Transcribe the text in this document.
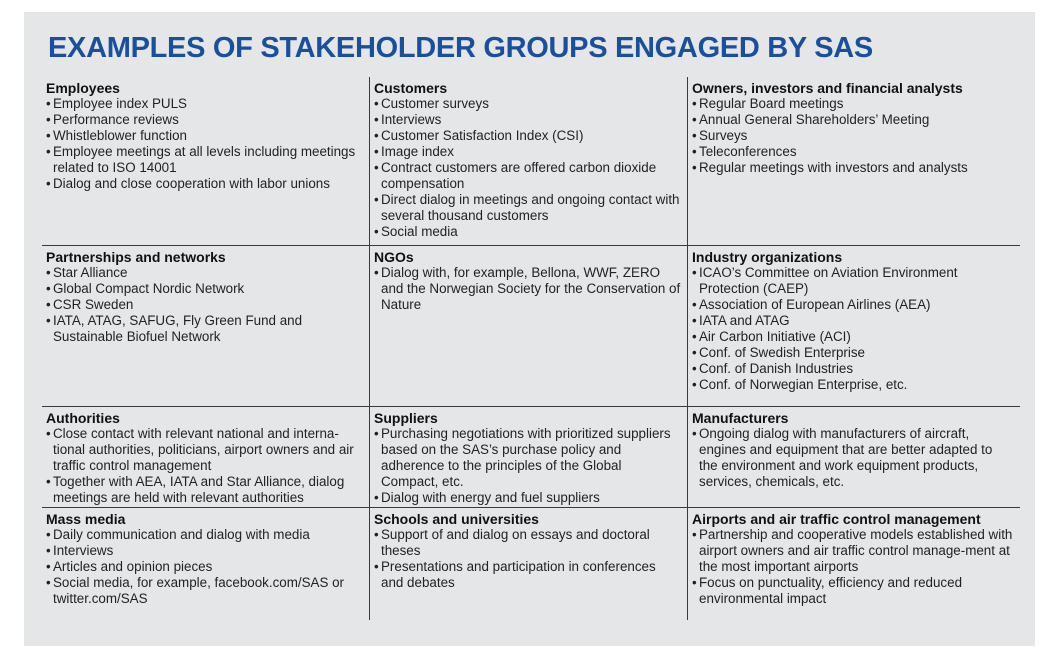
EXAMPLES OF STAKEHOLDER GROUPS ENGAGED BY SAS
Employees
• Employee index PULS
• Performance reviews
• Whistleblower function
• Employee meetings at all levels including meetings related to ISO 14001
• Dialog and close cooperation with labor unions
Customers
• Customer surveys
• Interviews
• Customer Satisfaction Index (CSI)
• Image index
• Contract customers are offered carbon dioxide compensation
• Direct dialog in meetings and ongoing contact with several thousand customers
• Social media
Owners, investors and financial analysts
• Regular Board meetings
• Annual General Shareholders’ Meeting
• Surveys
• Teleconferences
• Regular meetings with investors and analysts
Partnerships and networks
• Star Alliance
• Global Compact Nordic Network
• CSR Sweden
• IATA, ATAG, SAFUG, Fly Green Fund and Sustainable Biofuel Network
NGOs
• Dialog with, for example, Bellona, WWF, ZERO and the Norwegian Society for the Conservation of Nature
Industry organizations
• ICAO’s Committee on Aviation Environment Protection (CAEP)
• Association of European Airlines (AEA)
• IATA and ATAG
• Air Carbon Initiative (ACI)
• Conf. of Swedish Enterprise
• Conf. of Danish Industries
• Conf. of Norwegian Enterprise, etc.
Authorities
• Close contact with relevant national and interna-tional authorities, politicians, airport owners and air traffic control management
• Together with AEA, IATA and Star Alliance, dialog meetings are held with relevant authorities
Suppliers
• Purchasing negotiations with prioritized suppliers based on the SAS’s purchase policy and adherence to the principles of the Global Compact, etc.
• Dialog with energy and fuel suppliers
Manufacturers
• Ongoing dialog with manufacturers of aircraft, engines and equipment that are better adapted to the environment and work equipment products, services, chemicals, etc.
Mass media
• Daily communication and dialog with media
• Interviews
• Articles and opinion pieces
• Social media, for example, facebook.com/SAS or twitter.com/SAS
Schools and universities
• Support of and dialog on essays and doctoral theses
• Presentations and participation in conferences and debates
Airports and air traffic control management
• Partnership and cooperative models established with airport owners and air traffic control manage-ment at the most important airports
• Focus on punctuality, efficiency and reduced environmental impact
